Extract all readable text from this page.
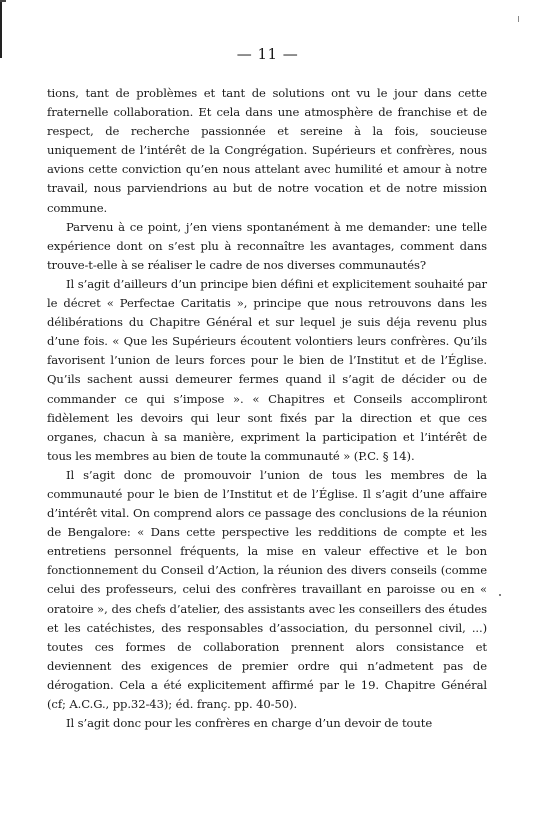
— 11 —

tions, tant de problèmes et tant de solutions ont vu le jour dans cette fraternelle collaboration. Et cela dans une atmosphère de franchise et de respect, de recherche passionnée et sereine à la fois, soucieuse uniquement de l’intérêt de la Congrégation. Supérieurs et confrères, nous avions cette conviction qu’en nous attelant avec humilité et amour à notre travail, nous parviendrions au but de notre vocation et de notre mission commune.

Parvenu à ce point, j’en viens spontanément à me demander: une telle expérience dont on s’est plu à reconnaître les avantages, comment dans trouve-t-elle à se réaliser le cadre de nos diverses communautés?

Il s’agit d’ailleurs d’un principe bien défini et explicitement souhaité par le décret « Perfectae Caritatis », principe que nous retrouvons dans les délibérations du Chapitre Général et sur lequel je suis déja revenu plus d’une fois. « Que les Supérieurs écoutent volontiers leurs confrères. Qu’ils favorisent l’union de leurs forces pour le bien de l’Institut et de l’Église. Qu’ils sachent aussi demeurer fermes quand il s’agit de décider ou de commander ce qui s’impose ». « Chapitres et Conseils accompliront fidèlement les devoirs qui leur sont fixés par la direction et que ces organes, chacun à sa manière, expriment la participation et l’intérêt de tous les membres au bien de toute la communauté » (P.C. § 14).

Il s’agit donc de promouvoir l’union de tous les membres de la communauté pour le bien de l’Institut et de l’Église. Il s’agit d’une affaire d’intérêt vital. On comprend alors ce passage des conclusions de la réunion de Bengalore: « Dans cette perspective les redditions de compte et les entretiens personnel fréquents, la mise en valeur effective et le bon fonctionnement du Conseil d’Action, la réunion des divers conseils (comme celui des professeurs, celui des confrères travaillant en paroisse ou en « oratoire », des chefs d’atelier, des assistants avec les conseillers des études et les catéchistes, des responsables d’association, du personnel civil, ...) toutes ces formes de collaboration prennent alors consistance et deviennent des exigences de premier ordre qui n’admetent pas de dérogation. Cela a été explicitement affirmé par le 19. Chapitre Général (cf; A.C.G., pp.32-43); éd. franç. pp. 40-50).

Il s’agit donc pour les confrères en charge d’un devoir de toute
